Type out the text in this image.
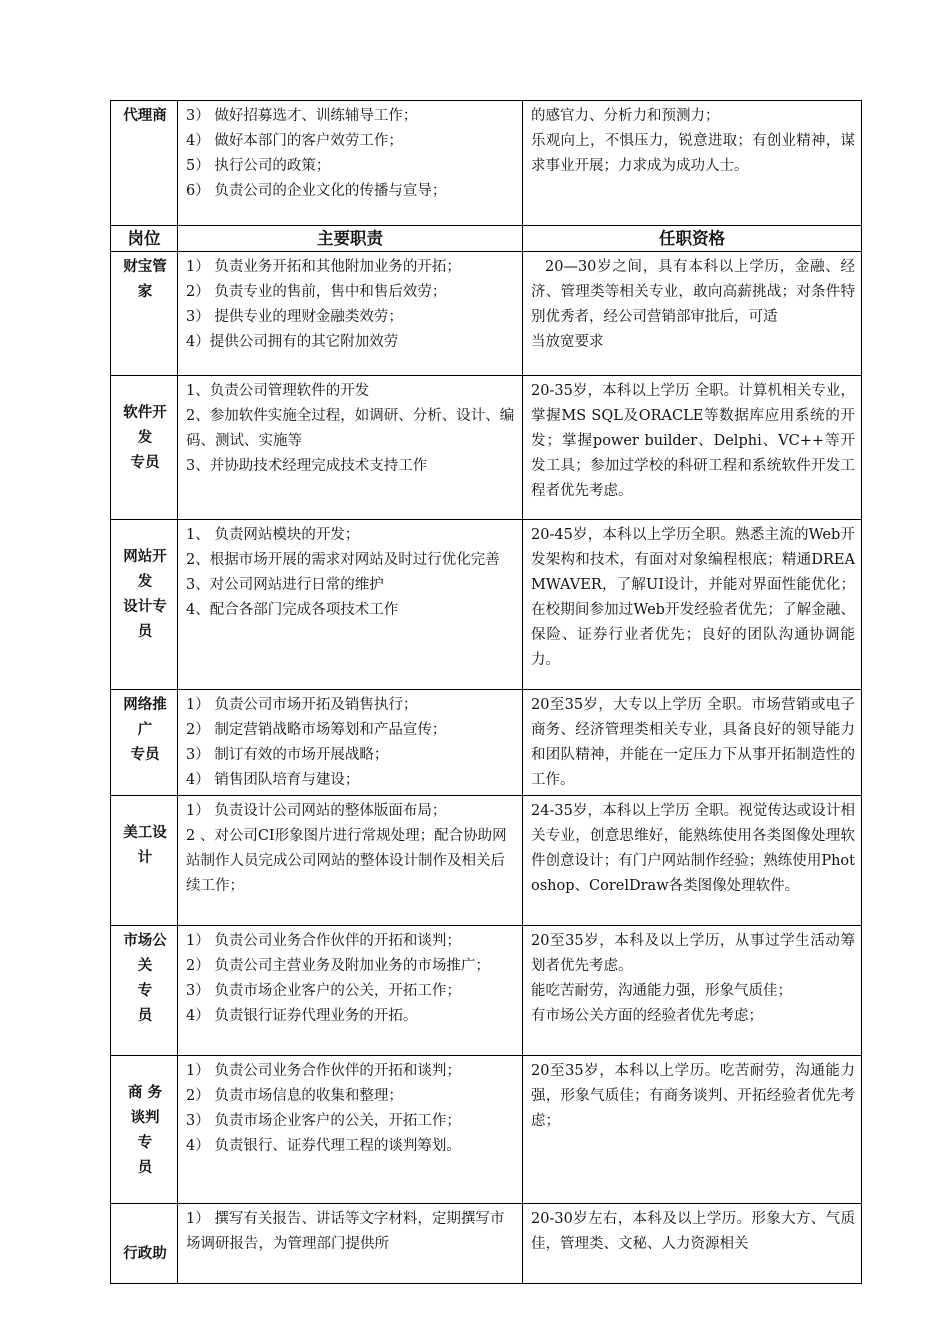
代理商	3） 做好招募选才、训练辅导工作；
4） 做好本部门的客户效劳工作；
5） 执行公司的政策；
6） 负责公司的企业文化的传播与宣导；	的感官力、分析力和预测力；
乐观向上，不惧压力，锐意进取；有创业精神，谋求事业开展；力求成为成功人士。

岗位	主要职责	任职资格

财宝管
家	1） 负责业务开拓和其他附加业务的开拓；
2） 负责专业的售前，售中和售后效劳；
3） 提供专业的理财金融类效劳；
4）提供公司拥有的其它附加效劳	20—30岁之间，具有本科以上学历，金融、经济、管理类等相关专业，敢向高薪挑战；对条件特别优秀者，经公司营销部审批后，可适
当放宽要求

软件开
发
专员	1、负责公司管理软件的开发
2、参加软件实施全过程，如调研、分析、设计、编码、测试、实施等
3、并协助技术经理完成技术支持工作	20-35岁，本科以上学历 全职。计算机相关专业，掌握MS SQL及ORACLE等数据库应用系统的开发；掌握power builder、Delphi、VC++等开发工具；参加过学校的科研工程和系统软件开发工程者优先考虑。

网站开
发
设计专
员	1、 负责网站模块的开发；
2、根据市场开展的需求对网站及时过行优化完善
3、对公司网站进行日常的维护
4、配合各部门完成各项技术工作	20-45岁，本科以上学历全职。熟悉主流的Web开发架构和技术，有面对对象编程根底；精通DREAMWAVER，了解UI设计，并能对界面性能优化；在校期间参加过Web开发经验者优先；了解金融、保险、证券行业者优先；良好的团队沟通协调能力。

网络推
广
专员	1） 负责公司市场开拓及销售执行；
2） 制定营销战略市场筹划和产品宣传；
3） 制订有效的市场开展战略；
4） 销售团队培育与建设；	20至35岁，大专以上学历 全职。市场营销或电子商务、经济管理类相关专业，具备良好的领导能力和团队精神，并能在一定压力下从事开拓制造性的工作。

美工设
计	1） 负责设计公司网站的整体版面布局；
2 、对公司CI形象图片进行常规处理；配合协助网站制作人员完成公司网站的整体设计制作及相关后续工作；	24-35岁，本科以上学历 全职。视觉传达或设计相关专业，创意思维好，能熟练使用各类图像处理软件创意设计；有门户网站制作经验；熟练使用Photoshop、CorelDraw各类图像处理软件。

市场公
关
专
员	1） 负责公司业务合作伙伴的开拓和谈判；
2） 负责公司主营业务及附加业务的市场推广；
3） 负责市场企业客户的公关，开拓工作；
4） 负责银行证券代理业务的开拓。	20至35岁，本科及以上学历，从事过学生活动筹划者优先考虑。
能吃苦耐劳，沟通能力强，形象气质佳；
有市场公关方面的经验者优先考虑；

商 务
谈判
专
员	1） 负责公司业务合作伙伴的开拓和谈判；
2） 负责市场信息的收集和整理；
3） 负责市场企业客户的公关，开拓工作；
4） 负责银行、证券代理工程的谈判筹划。	20至35岁，本科以上学历。吃苦耐劳，沟通能力强，形象气质佳；有商务谈判、开拓经验者优先考虑；

行政助	1） 撰写有关报告、讲话等文字材料，定期撰写市场调研报告，为管理部门提供所	20-30岁左右，本科及以上学历。形象大方、气质佳，管理类、文秘、人力资源相关
